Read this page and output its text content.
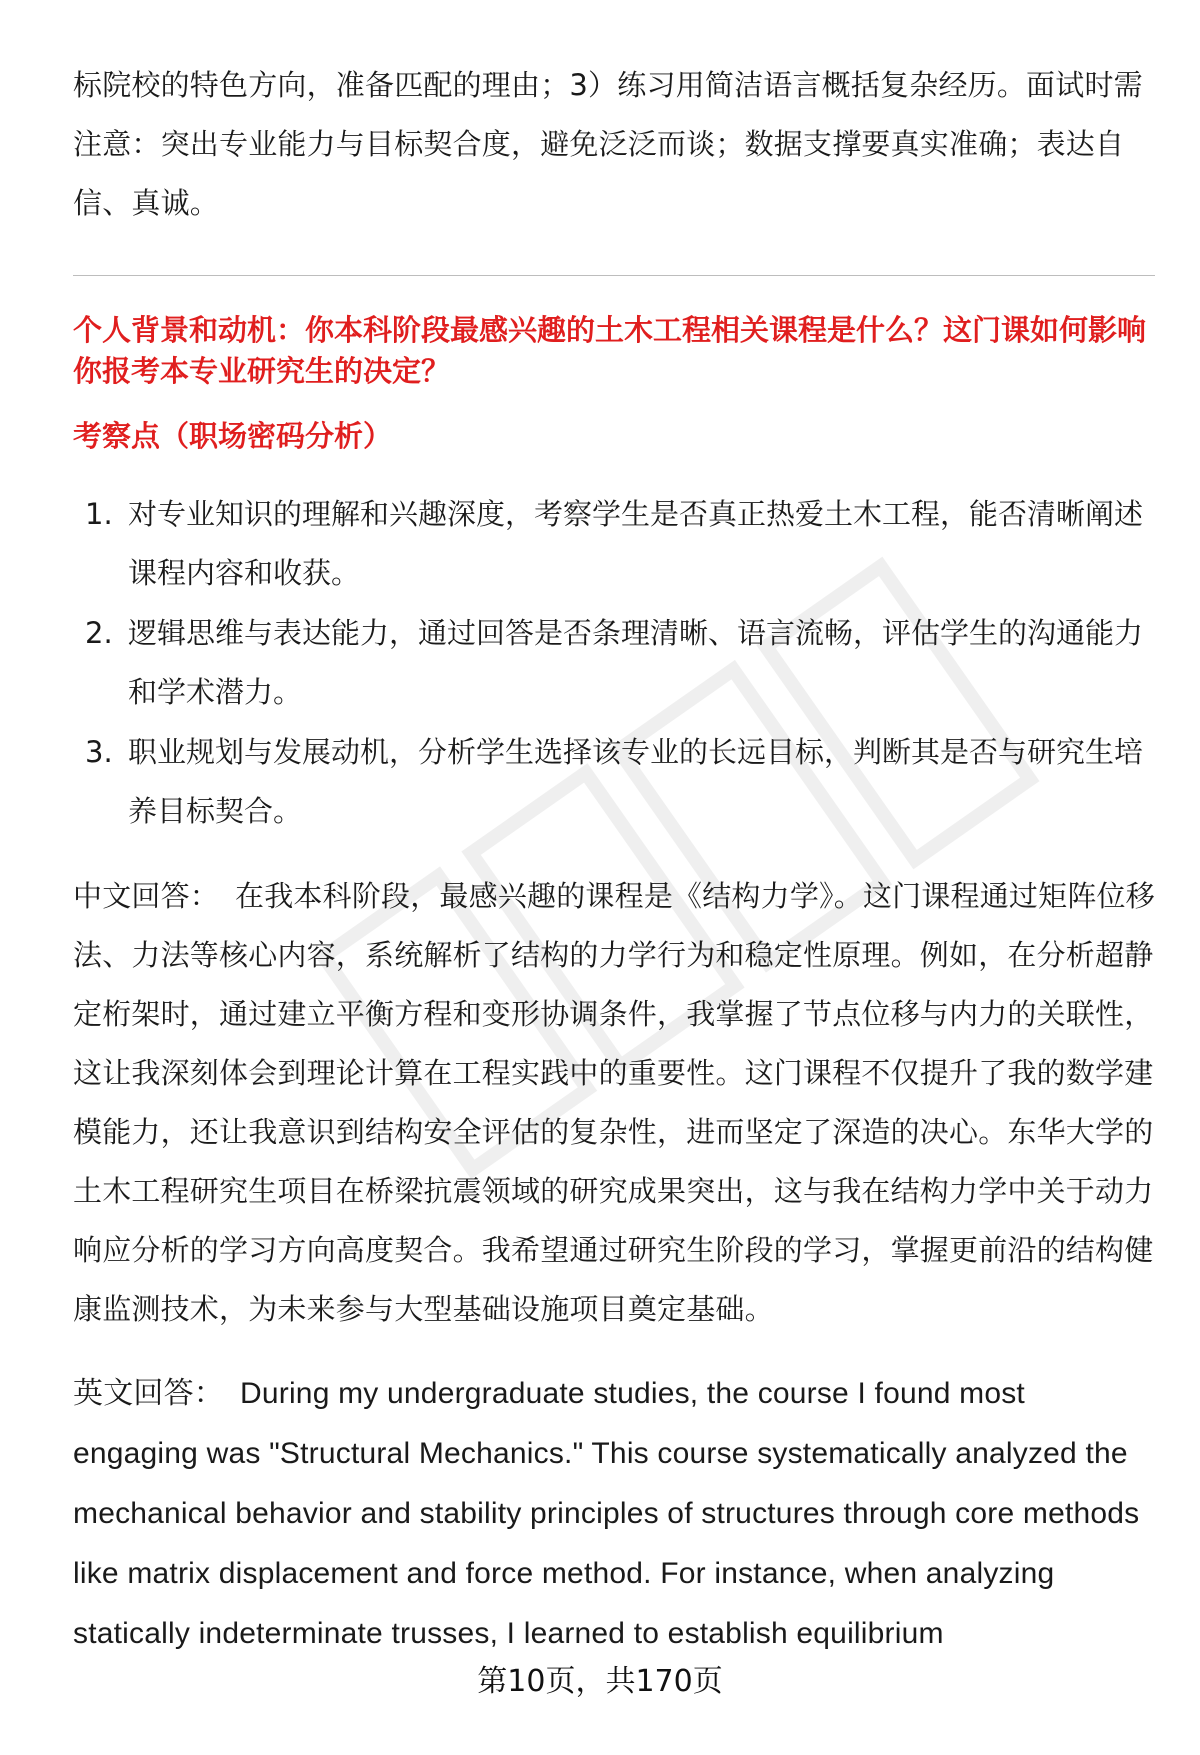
标院校的特色方向，准备匹配的理由；3）练习用简洁语言概括复杂经历。面试时需注意：突出专业能力与目标契合度，避免泛泛而谈；数据支撑要真实准确；表达自信、真诚。

个人背景和动机：你本科阶段最感兴趣的土木工程相关课程是什么？这门课如何影响你报考本专业研究生的决定？

考察点（职场密码分析）

1. 对专业知识的理解和兴趣深度，考察学生是否真正热爱土木工程，能否清晰阐述课程内容和收获。
2. 逻辑思维与表达能力，通过回答是否条理清晰、语言流畅，评估学生的沟通能力和学术潜力。
3. 职业规划与发展动机，分析学生选择该专业的长远目标，判断其是否与研究生培养目标契合。

中文回答： 在我本科阶段，最感兴趣的课程是《结构力学》。这门课程通过矩阵位移法、力法等核心内容，系统解析了结构的力学行为和稳定性原理。例如，在分析超静定桁架时，通过建立平衡方程和变形协调条件，我掌握了节点位移与内力的关联性，这让我深刻体会到理论计算在工程实践中的重要性。这门课程不仅提升了我的数学建模能力，还让我意识到结构安全评估的复杂性，进而坚定了深造的决心。东华大学的土木工程研究生项目在桥梁抗震领域的研究成果突出，这与我在结构力学中关于动力响应分析的学习方向高度契合。我希望通过研究生阶段的学习，掌握更前沿的结构健康监测技术，为未来参与大型基础设施项目奠定基础。

英文回答： During my undergraduate studies, the course I found most engaging was "Structural Mechanics." This course systematically analyzed the mechanical behavior and stability principles of structures through core methods like matrix displacement and force method. For instance, when analyzing statically indeterminate trusses, I learned to establish equilibrium

第10页，共170页
